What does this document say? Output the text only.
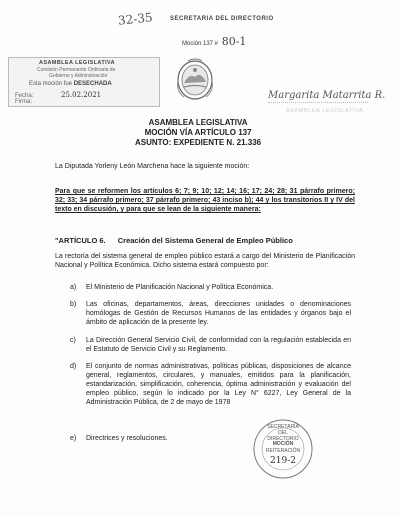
32-35	SECRETARIA DEL DIRECTORIO
Moción 137 # 80-1
ASAMBLEA LEGISLATIVA
Comisión Permanente Ordinaria de
Gobierno y Administración
Esta moción fue DESECHADA
Fecha:	25.02.2021
Firma:
Margarita Matarrita R.
ASAMBLEA LEGISLATIVA
ASAMBLEA LEGISLATIVA
MOCIÓN VÍA ARTÍCULO 137
ASUNTO: EXPEDIENTE N. 21.336
La Diputada Yorleny León Marchena hace la siguiente moción:
Para que se reformen los artículos 6; 7; 9; 10; 12; 14; 16; 17; 24; 28; 31 párrafo primero; 32; 33; 34 párrafo primero; 37 párrafo primero; 43 inciso b); 44 y los transitorios II y IV del texto en discusión, y para que se lean de la siguiente manera:
"ARTÍCULO 6. Creación del Sistema General de Empleo Público
La rectoría del sistema general de empleo público estará a cargo del Ministerio de Planificación Nacional y Política Económica. Dicho sistema estará compuesto por:
a) El Ministerio de Planificación Nacional y Política Económica.
b) Las oficinas, departamentos, áreas, direcciones unidades o denominaciones homólogas de Gestión de Recursos Humanos de las entidades y órganos bajo el ámbito de aplicación de la presente ley.
c) La Dirección General Servicio Civil, de conformidad con la regulación establecida en el Estatuto de Servicio Civil y su Reglamento.
d) El conjunto de normas administrativas, políticas públicas, disposiciones de alcance general, reglamentos, circulares, y manuales, emitidos para la planificación, estandarización, simplificación, coherencia, óptima administración y evaluación del empleo público, según lo indicado por la Ley N° 6227, Ley General de la Administración Pública, de 2 de mayo de 1978
e) Directrices y resoluciones.
SECRETARÍA DEL DIRECTORIO
MOCIÓN
REITERACIÓN
219-2
